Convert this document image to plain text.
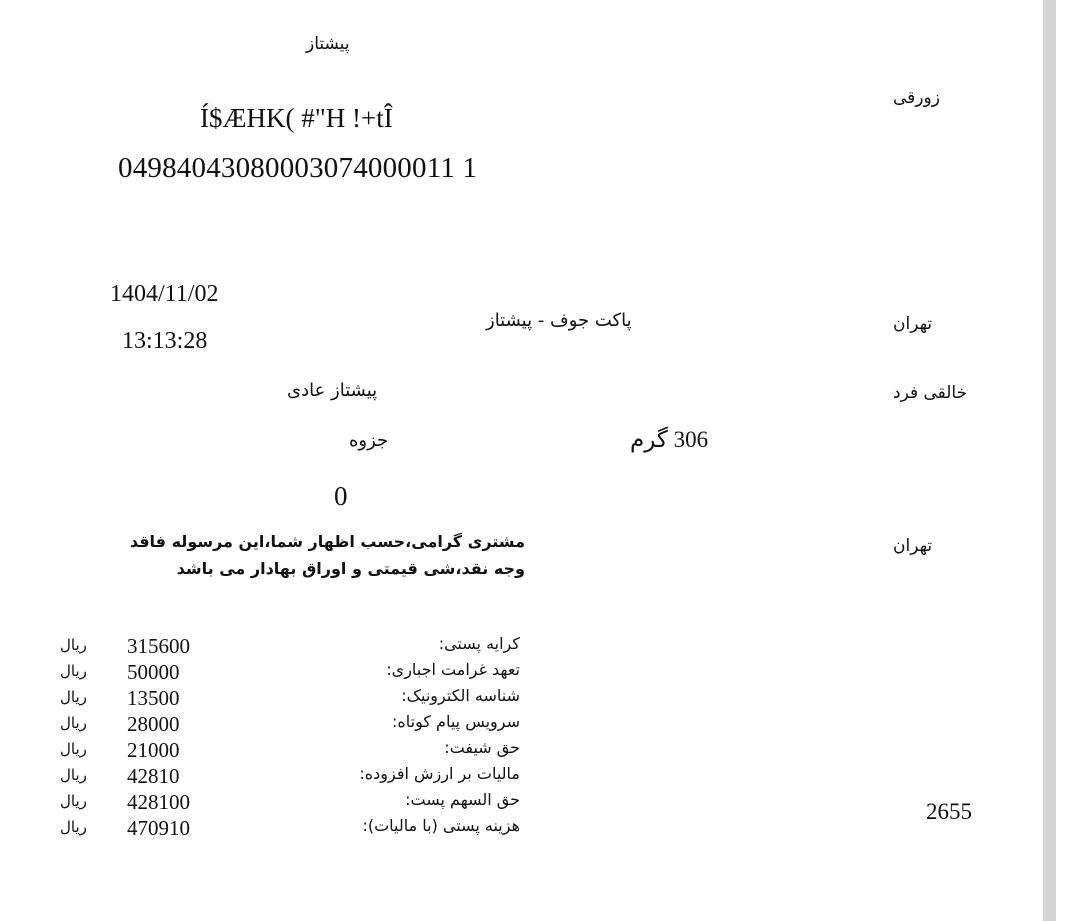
پیشتاز
زورقی
Í$ÆHK( #"H !+tÎ
04984043080003074000011 1
1404/11/02
13:13:28
پاکت جوف - پیشتاز	تهران
پیشتاز عادی	خالقی فرد
جزوه	306 گرم
0
مشتری گرامی،حسب اظهار شما،این مرسوله فاقد وجه نقد،شی قیمتی و اوراق بهادار می باشد
تهران
ریال 315600	کرایه پستی:
ریال 50000	تعهد غرامت اجباری:
ریال 13500	شناسه الکترونیک:
ریال 28000	سرویس پیام کوتاه:
ریال 21000	حق شیفت:
ریال 42810	مالیات بر ارزش افزوده:
ریال 428100	حق السهم پست:
ریال 470910	هزینه پستی (با مالیات):
2655
